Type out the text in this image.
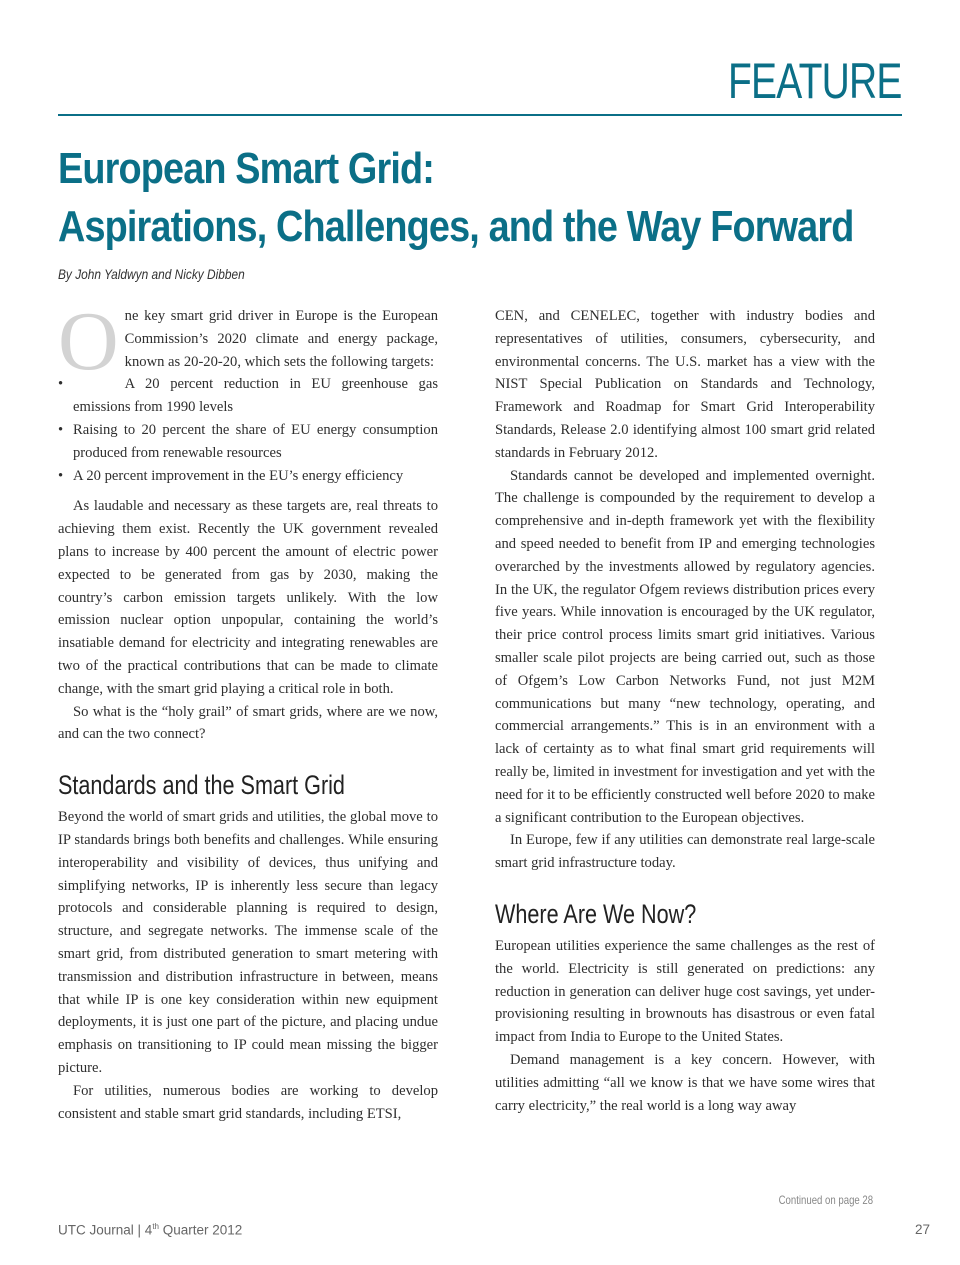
FEATURE
European Smart Grid:
Aspirations, Challenges, and the Way Forward
By John Yaldwyn and Nicky Dibben

One key smart grid driver in Europe is the European Commission’s 2020 climate and energy package, known as 20-20-20, which sets the following targets:

• A 20 percent reduction in EU greenhouse gas emissions from 1990 levels
• Raising to 20 percent the share of EU energy consumption produced from renewable resources
• A 20 percent improvement in the EU’s energy efficiency

As laudable and necessary as these targets are, real threats to achieving them exist. Recently the UK government revealed plans to increase by 400 percent the amount of electric power expected to be generated from gas by 2030, making the country’s carbon emission targets unlikely. With the low emission nuclear option unpopular, containing the world’s insatiable demand for electricity and integrating renewables are two of the practical contributions that can be made to climate change, with the smart grid playing a critical role in both.

So what is the “holy grail” of smart grids, where are we now, and can the two connect?

Standards and the Smart Grid

Beyond the world of smart grids and utilities, the global move to IP standards brings both benefits and challenges. While ensuring interoperability and visibility of devices, thus unifying and simplifying networks, IP is inherently less secure than legacy protocols and considerable planning is required to design, structure, and segregate networks. The immense scale of the smart grid, from distributed generation to smart metering with transmission and distribution infrastructure in between, means that while IP is one key consideration within new equipment deployments, it is just one part of the picture, and placing undue emphasis on transitioning to IP could mean missing the bigger picture.

For utilities, numerous bodies are working to develop consistent and stable smart grid standards, including ETSI,

CEN, and CENELEC, together with industry bodies and representatives of utilities, consumers, cybersecurity, and environmental concerns. The U.S. market has a view with the NIST Special Publication on Standards and Technology, Framework and Roadmap for Smart Grid Interoperability Standards, Release 2.0 identifying almost 100 smart grid related standards in February 2012.

Standards cannot be developed and implemented overnight. The challenge is compounded by the requirement to develop a comprehensive and in-depth framework yet with the flexibility and speed needed to benefit from IP and emerging technologies overarched by the investments allowed by regulatory agencies. In the UK, the regulator Ofgem reviews distribution prices every five years. While innovation is encouraged by the UK regulator, their price control process limits smart grid initiatives. Various smaller scale pilot projects are being carried out, such as those of Ofgem’s Low Carbon Networks Fund, not just M2M communications but many “new technology, operating, and commercial arrangements.” This is in an environment with a lack of certainty as to what final smart grid requirements will really be, limited in investment for investigation and yet with the need for it to be efficiently constructed well before 2020 to make a significant contribution to the European objectives.

In Europe, few if any utilities can demonstrate real large-scale smart grid infrastructure today.

Where Are We Now?

European utilities experience the same challenges as the rest of the world. Electricity is still generated on predictions: any reduction in generation can deliver huge cost savings, yet under-provisioning resulting in brownouts has disastrous or even fatal impact from India to Europe to the United States.

Demand management is a key concern. However, with utilities admitting “all we know is that we have some wires that carry electricity,” the real world is a long way away

Continued on page 28
UTC Journal | 4th Quarter 2012	27
